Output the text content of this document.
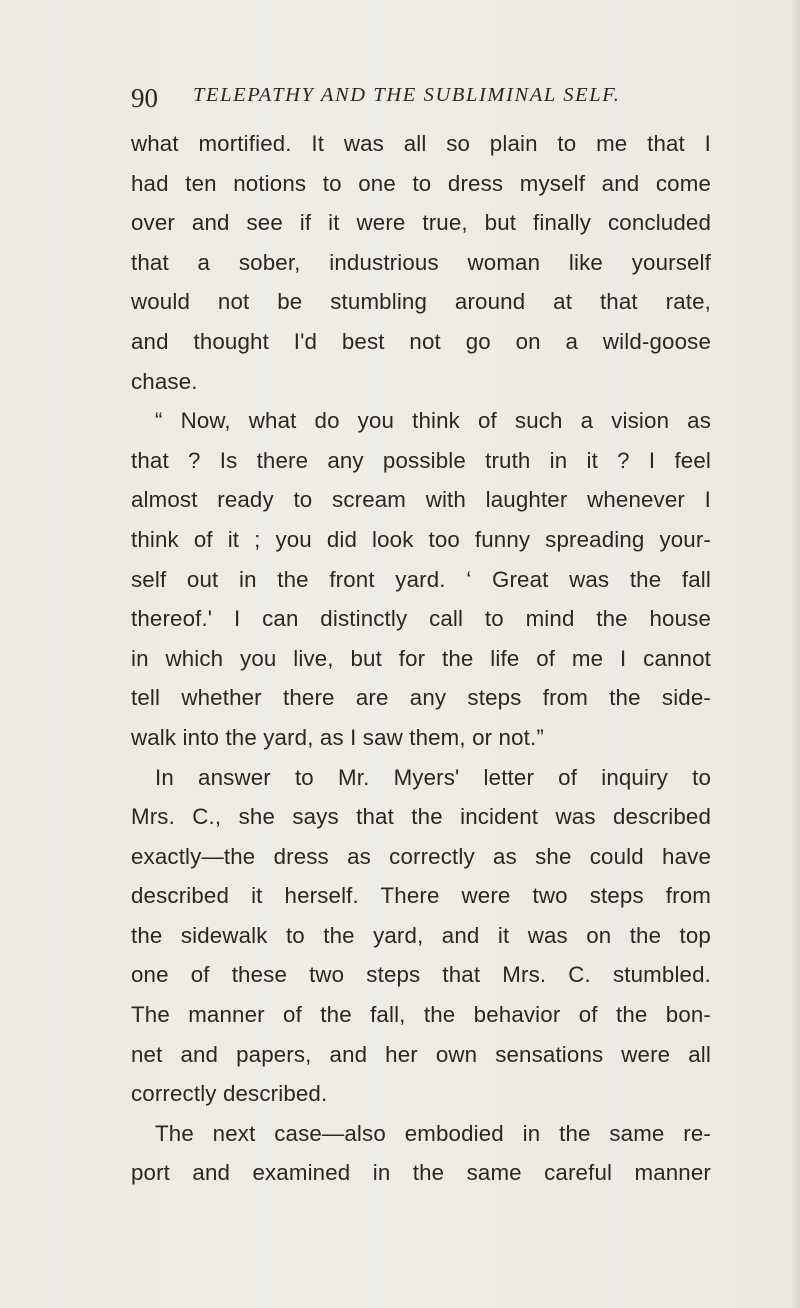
90 TELEPATHY AND THE SUBLIMINAL SELF.
what mortified. It was all so plain to me that I
had ten notions to one to dress myself and come
over and see if it were true, but finally concluded
that a sober, industrious woman like yourself
would not be stumbling around at that rate,
and thought I'd best not go on a wild-goose
chase.
“ Now, what do you think of such a vision as
that ? Is there any possible truth in it ? I feel
almost ready to scream with laughter whenever I
think of it ; you did look too funny spreading your-
self out in the front yard. ‘ Great was the fall
thereof.' I can distinctly call to mind the house
in which you live, but for the life of me I cannot
tell whether there are any steps from the side-
walk into the yard, as I saw them, or not.”
In answer to Mr. Myers' letter of inquiry to
Mrs. C., she says that the incident was described
exactly—the dress as correctly as she could have
described it herself. There were two steps from
the sidewalk to the yard, and it was on the top
one of these two steps that Mrs. C. stumbled.
The manner of the fall, the behavior of the bon-
net and papers, and her own sensations were all
correctly described.
The next case—also embodied in the same re-
port and examined in the same careful manner
